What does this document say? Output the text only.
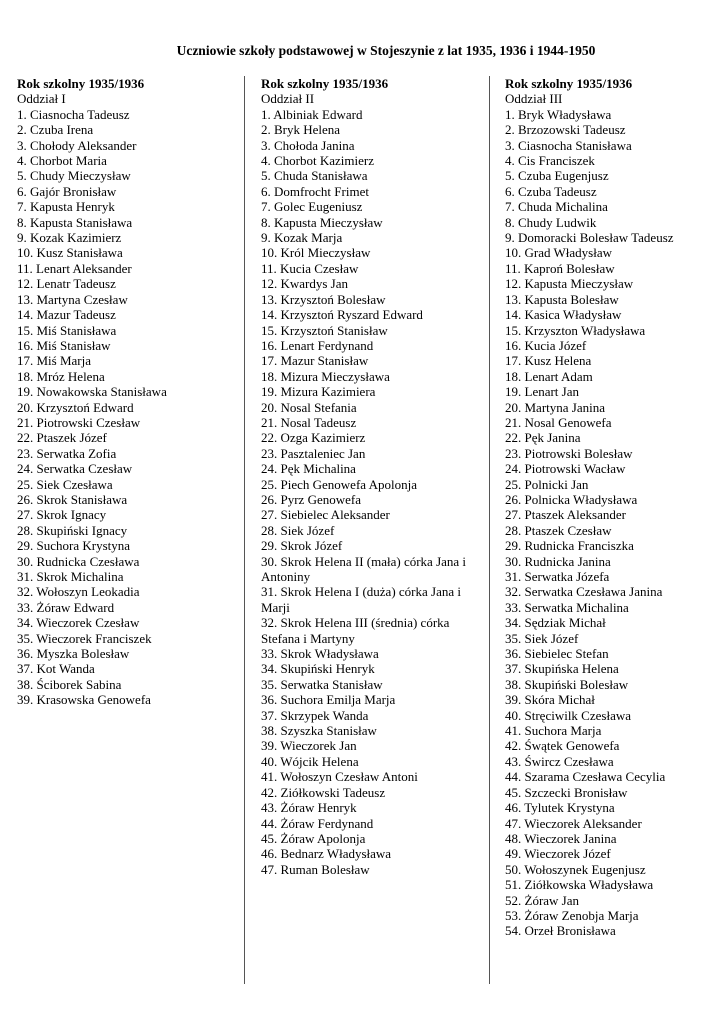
Uczniowie szkoły podstawowej w Stojeszynie z lat 1935, 1936 i 1944-1950
Rok szkolny 1935/1936
Oddział I
1. Ciasnocha Tadeusz
2. Czuba Irena
3. Chołody Aleksander
4. Chorbot Maria
5. Chudy Mieczysław
6. Gajór Bronisław
7. Kapusta Henryk
8. Kapusta Stanisława
9. Kozak Kazimierz
10. Kusz Stanisława
11. Lenart Aleksander
12. Lenatr Tadeusz
13. Martyna Czesław
14. Mazur Tadeusz
15. Miś Stanisława
16. Miś Stanisław
17. Miś Marja
18. Mróz Helena
19. Nowakowska Stanisława
20. Krzysztoń Edward
21. Piotrowski Czesław
22. Ptaszek Józef
23. Serwatka Zofia
24. Serwatka Czesław
25. Siek Czesława
26. Skrok Stanisława
27. Skrok Ignacy
28. Skupiński Ignacy
29. Suchora Krystyna
30. Rudnicka Czesława
31. Skrok Michalina
32. Wołoszyn Leokadia
33. Żóraw Edward
34. Wieczorek Czesław
35. Wieczorek Franciszek
36. Myszka Bolesław
37. Kot Wanda
38. Ściborek Sabina
39. Krasowska Genowefa
Rok szkolny 1935/1936
Oddział II
1. Albiniak Edward
2. Bryk Helena
3. Chołoda Janina
4. Chorbot Kazimierz
5. Chuda Stanisława
6. Domfrocht Frimet
7. Golec Eugeniusz
8. Kapusta Mieczysław
9. Kozak Marja
10. Król Mieczysław
11. Kucia Czesław
12. Kwardys Jan
13. Krzysztoń Bolesław
14. Krzysztoń Ryszard Edward
15. Krzysztoń Stanisław
16. Lenart Ferdynand
17. Mazur Stanisław
18. Mizura Mieczysława
19. Mizura Kazimiera
20. Nosal Stefania
21. Nosal Tadeusz
22. Ozga Kazimierz
23. Pasztaleniec Jan
24. Pęk Michalina
25. Piech Genowefa Apolonja
26. Pyrz Genowefa
27. Siebielec Aleksander
28. Siek Józef
29. Skrok Józef
30. Skrok Helena II (mała) córka Jana i Antoniny
31. Skrok Helena I (duża) córka Jana i Marji
32. Skrok Helena III (średnia) córka Stefana i Martyny
33. Skrok Władysława
34. Skupiński Henryk
35. Serwatka Stanisław
36. Suchora Emilja Marja
37. Skrzypek Wanda
38. Szyszka Stanisław
39. Wieczorek Jan
40. Wójcik Helena
41. Wołoszyn Czesław Antoni
42. Ziółkowski Tadeusz
43. Żóraw Henryk
44. Żóraw Ferdynand
45. Żóraw Apolonja
46. Bednarz Władysława
47. Ruman Bolesław
Rok szkolny 1935/1936
Oddział III
1. Bryk Władysława
2. Brzozowski Tadeusz
3. Ciasnocha Stanisława
4. Cis Franciszek
5. Czuba Eugenjusz
6. Czuba Tadeusz
7. Chuda Michalina
8. Chudy Ludwik
9. Domoracki Bolesław Tadeusz
10. Grad Władysław
11. Kaproń Bolesław
12. Kapusta Mieczysław
13. Kapusta Bolesław
14. Kasica Władysław
15. Krzyszton Władysława
16. Kucia Józef
17. Kusz Helena
18. Lenart Adam
19. Lenart Jan
20. Martyna Janina
21. Nosal Genowefa
22. Pęk Janina
23. Piotrowski Bolesław
24. Piotrowski Wacław
25. Polnicki Jan
26. Polnicka Władysława
27. Ptaszek Aleksander
28. Ptaszek Czesław
29. Rudnicka Franciszka
30. Rudnicka Janina
31. Serwatka Józefa
32. Serwatka Czesława Janina
33. Serwatka Michalina
34. Sędziak Michał
35. Siek Józef
36. Siebielec Stefan
37. Skupińska Helena
38. Skupiński Bolesław
39. Skóra Michał
40. Stręciwilk Czesława
41. Suchora Marja
42. Śwątek Genowefa
43. Śwircz Czesława
44. Szarama Czesława Cecylia
45. Szczecki Bronisław
46. Tylutek Krystyna
47. Wieczorek Aleksander
48. Wieczorek Janina
49. Wieczorek Józef
50. Wołoszynek Eugenjusz
51. Ziółkowska Władysława
52. Żóraw Jan
53. Żóraw Zenobja Marja
54. Orzeł Bronisława
